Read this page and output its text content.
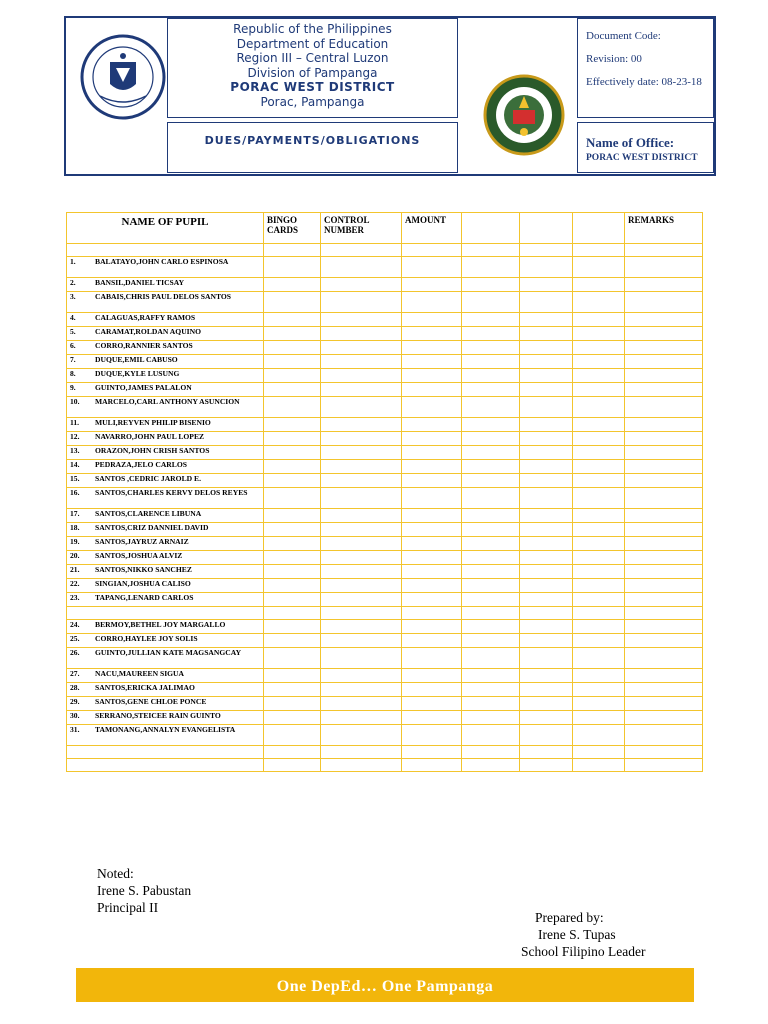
Republic of the Philippines
Department of Education
Region III – Central Luzon
Division of Pampanga
PORAC WEST DISTRICT
Porac, Pampanga
DUES/PAYMENTS/OBLIGATIONS

Document Code:

Revision: 00

Effectively date: 08-23-18

Name of Office:
PORAC WEST DISTRICT
NAME OF PUPIL	BINGO CARDS	CONTROL NUMBER	AMOUNT				REMARKS

1. BALATAYO,JOHN CARLO ESPINOSA							
2. BANSIL,DANIEL TICSAY							
3. CABAIS,CHRIS PAUL DELOS SANTOS							
4. CALAGUAS,RAFFY RAMOS							
5. CARAMAT,ROLDAN AQUINO							
6. CORRO,RANNIER SANTOS							
7. DUQUE,EMIL CABUSO							
8. DUQUE,KYLE LUSUNG							
9. GUINTO,JAMES PALALON							
10. MARCELO,CARL ANTHONY ASUNCION							
11. MULI,REYVEN PHILIP BISENIO							
12. NAVARRO,JOHN PAUL LOPEZ							
13. ORAZON,JOHN CRISH SANTOS							
14. PEDRAZA,JELO CARLOS							
15. SANTOS ,CEDRIC JAROLD E.							
16. SANTOS,CHARLES KERVY DELOS REYES							
17. SANTOS,CLARENCE LIBUNA							
18. SANTOS,CRIZ DANNIEL DAVID							
19. SANTOS,JAYRUZ ARNAIZ							
20. SANTOS,JOSHUA ALVIZ							
21. SANTOS,NIKKO SANCHEZ							
22. SINGIAN,JOSHUA CALISO							
23. TAPANG,LENARD CARLOS							

24. BERMOY,BETHEL JOY MARGALLO							
25. CORRO,HAYLEE JOY SOLIS							
26. GUINTO,JULLIAN KATE MAGSANGCAY							
27. NACU,MAUREEN SIGUA							
28. SANTOS,ERICKA JALIMAO							
29. SANTOS,GENE CHLOE PONCE							
30. SERRANO,STEICEE RAIN GUINTO							
31. TAMONANG,ANNALYN EVANGELISTA							

Noted:
Irene S. Pabustan
Principal II
Prepared by:
Irene S. Tupas
School Filipino Leader
One DepEd… One Pampanga
